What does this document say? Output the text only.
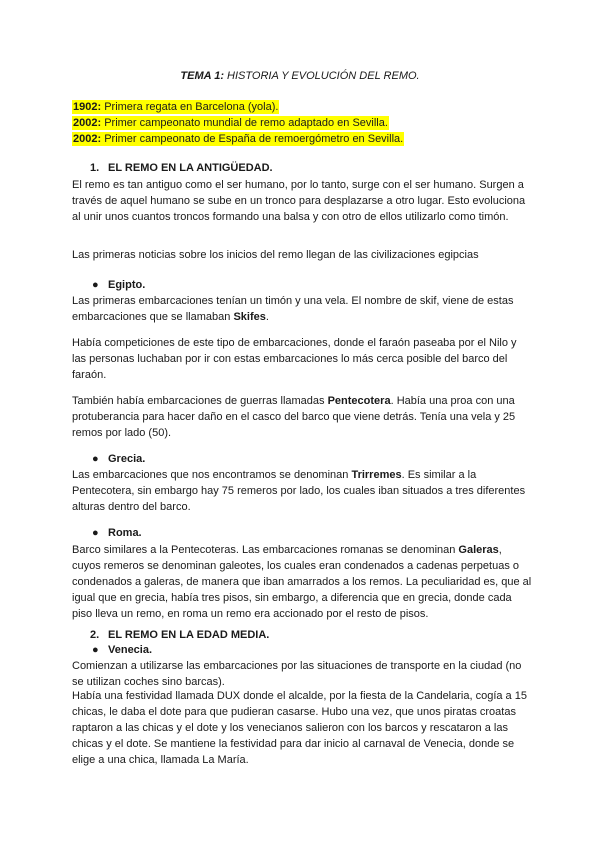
TEMA 1: HISTORIA Y EVOLUCIÓN DEL REMO.
1902: Primera regata en Barcelona (yola).
2002: Primer campeonato mundial de remo adaptado en Sevilla.
2002: Primer campeonato de España de remoergómetro en Sevilla.
1. EL REMO EN LA ANTIGÜEDAD.
El remo es tan antiguo como el ser humano, por lo tanto, surge con el ser humano. Surgen a través de aquel humano se sube en un tronco para desplazarse a otro lugar. Esto evoluciona al unir unos cuantos troncos formando una balsa y con otro de ellos utilizarlo como timón.
Las primeras noticias sobre los inicios del remo llegan de las civilizaciones egipcias
● Egipto.
Las primeras embarcaciones tenían un timón y una vela. El nombre de skif, viene de estas embarcaciones que se llamaban Skifes.
Había competiciones de este tipo de embarcaciones, donde el faraón paseaba por el Nilo y las personas luchaban por ir con estas embarcaciones lo más cerca posible del barco del faraón.
También había embarcaciones de guerras llamadas Pentecotera. Había una proa con una protuberancia para hacer daño en el casco del barco que viene detrás. Tenía una vela y 25 remos por lado (50).
● Grecia.
Las embarcaciones que nos encontramos se denominan Trirremes. Es similar a la Pentecotera, sin embargo hay 75 remeros por lado, los cuales iban situados a tres diferentes alturas dentro del barco.
● Roma.
Barco similares a la Pentecoteras. Las embarcaciones romanas se denominan Galeras, cuyos remeros se denominan galeotes, los cuales eran condenados a cadenas perpetuas o condenados a galeras, de manera que iban amarrados a los remos. La peculiaridad es, que al igual que en grecia, había tres pisos, sin embargo, a diferencia que en grecia, donde cada piso lleva un remo, en roma un remo era accionado por el resto de pisos.
2. EL REMO EN LA EDAD MEDIA.
● Venecia.
Comienzan a utilizarse las embarcaciones por las situaciones de transporte en la ciudad (no se utilizan coches sino barcas).
Había una festividad llamada DUX donde el alcalde, por la fiesta de la Candelaria, cogía a 15 chicas, le daba el dote para que pudieran casarse. Hubo una vez, que unos piratas croatas raptaron a las chicas y el dote y los venecianos salieron con los barcos y rescataron a las chicas y el dote. Se mantiene la festividad para dar inicio al carnaval de Venecia, donde se elige a una chica, llamada La María.
